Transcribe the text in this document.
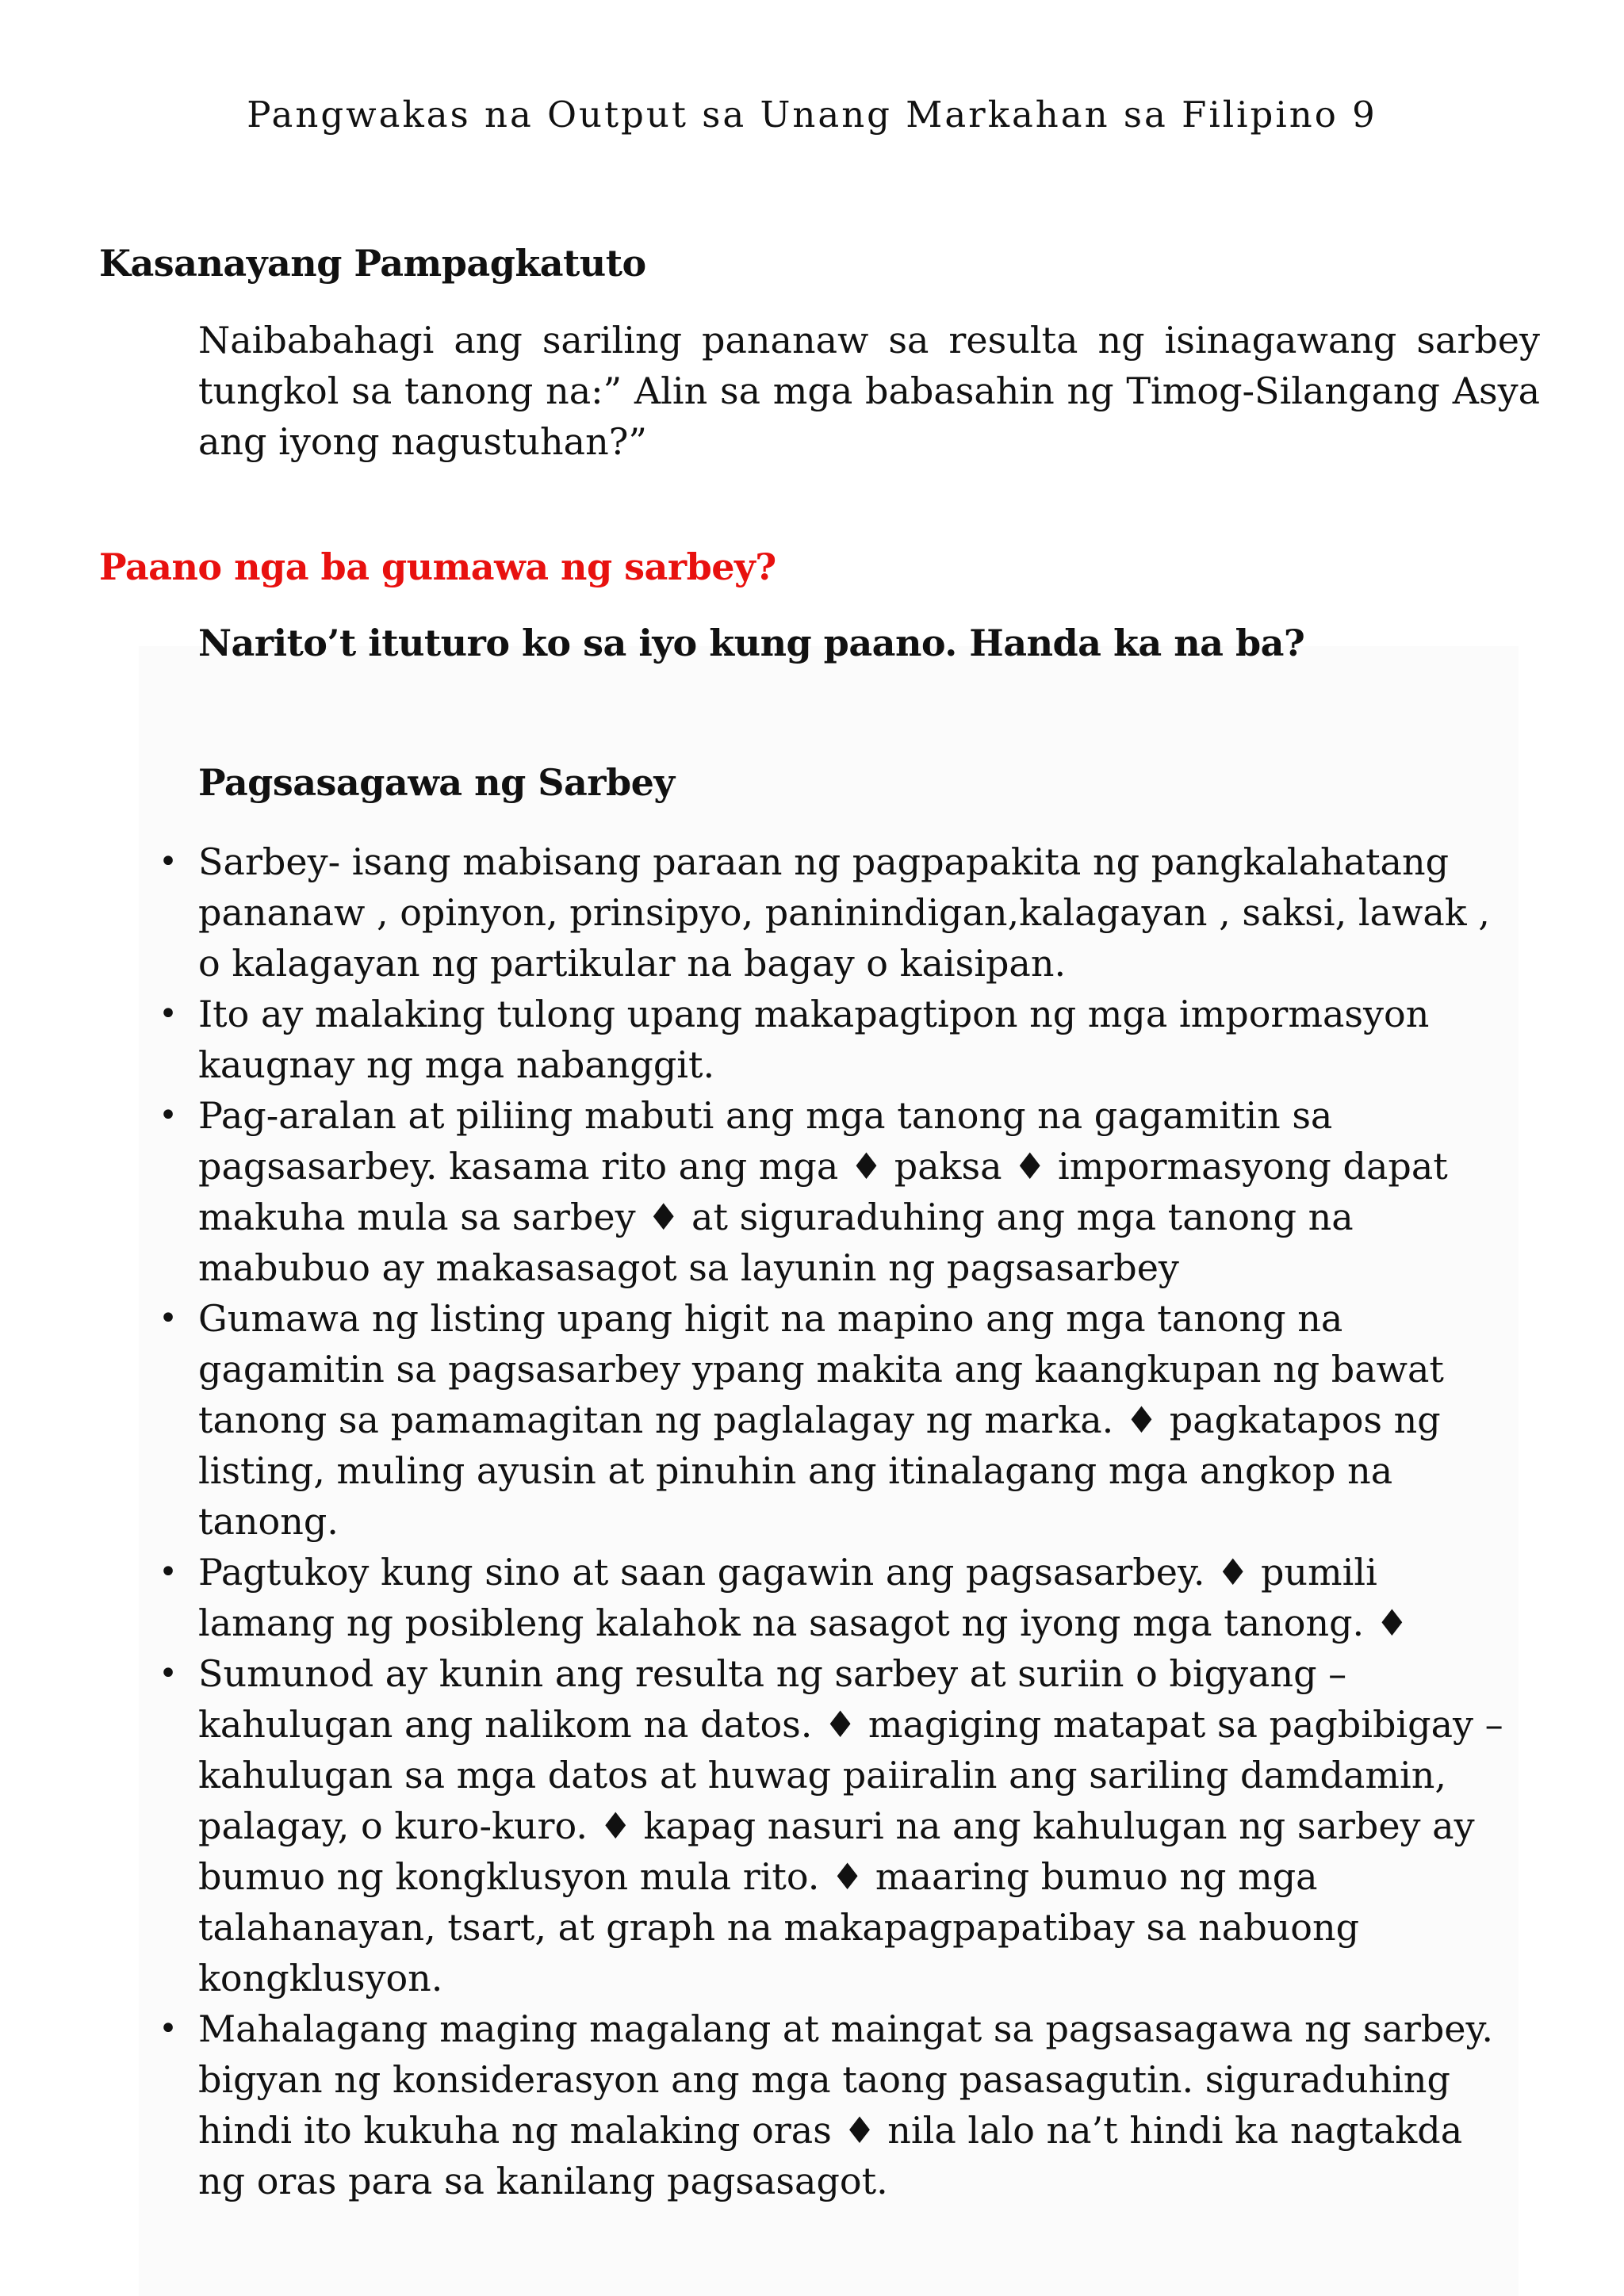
Pangwakas na Output sa Unang Markahan sa Filipino 9
Kasanayang Pampagkatuto

Naibabahagi ang sariling pananaw sa resulta ng isinagawang sarbey tungkol sa tanong na:” Alin sa mga babasahin ng Timog-Silangang Asya ang iyong nagustuhan?”

Paano nga ba gumawa ng sarbey?

Narito’t ituturo ko sa iyo kung paano. Handa ka na ba?

Pagsasagawa ng Sarbey

• Sarbey- isang mabisang paraan ng pagpapakita ng pangkalahatang pananaw , opinyon, prinsipyo, paninindigan,kalagayan , saksi, lawak , o kalagayan ng partikular na bagay o kaisipan.
• Ito ay malaking tulong upang makapagtipon ng mga impormasyon kaugnay ng mga nabanggit.
• Pag-aralan at piliing mabuti ang mga tanong na gagamitin sa pagsasarbey. kasama rito ang mga ♦ paksa ♦ impormasyong dapat makuha mula sa sarbey ♦ at siguraduhing ang mga tanong na mabubuo ay makasasagot sa layunin ng pagsasarbey
• Gumawa ng listing upang higit na mapino ang mga tanong na gagamitin sa pagsasarbey ypang makita ang kaangkupan ng bawat tanong sa pamamagitan ng paglalagay ng marka. ♦ pagkatapos ng listing, muling ayusin at pinuhin ang itinalagang mga angkop na tanong.
• Pagtukoy kung sino at saan gagawin ang pagsasarbey. ♦ pumili lamang ng posibleng kalahok na sasagot ng iyong mga tanong. ♦
• Sumunod ay kunin ang resulta ng sarbey at suriin o bigyang –kahulugan ang nalikom na datos. ♦ magiging matapat sa pagbibigay – kahulugan sa mga datos at huwag paiiralin ang sariling damdamin, palagay, o kuro-kuro. ♦ kapag nasuri na ang kahulugan ng sarbey ay bumuo ng kongklusyon mula rito. ♦ maaring bumuo ng mga talahanayan, tsart, at graph na makapagpapatibay sa nabuong kongklusyon.
• Mahalagang maging magalang at maingat sa pagsasagawa ng sarbey. bigyan ng konsiderasyon ang mga taong pasasagutin. siguraduhing hindi ito kukuha ng malaking oras ♦ nila lalo na’t hindi ka nagtakda ng oras para sa kanilang pagsasagot.
